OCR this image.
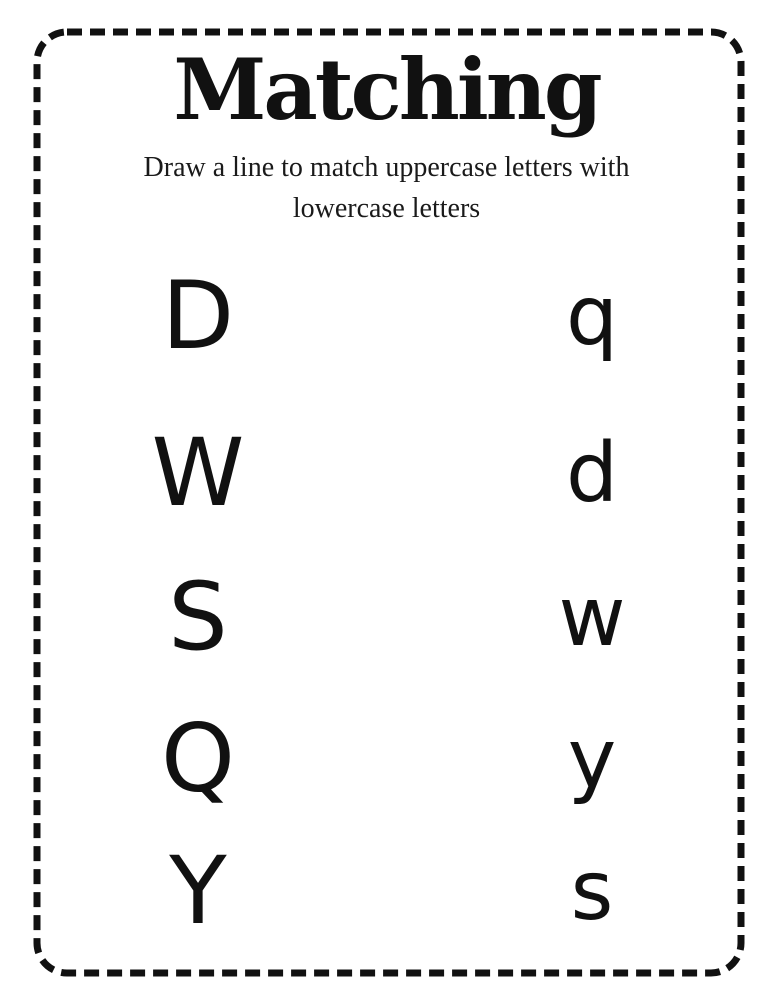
Matching

Draw a line to match uppercase letters with
lowercase letters

D	q
W	d
S	w
Q	y
Y	s
